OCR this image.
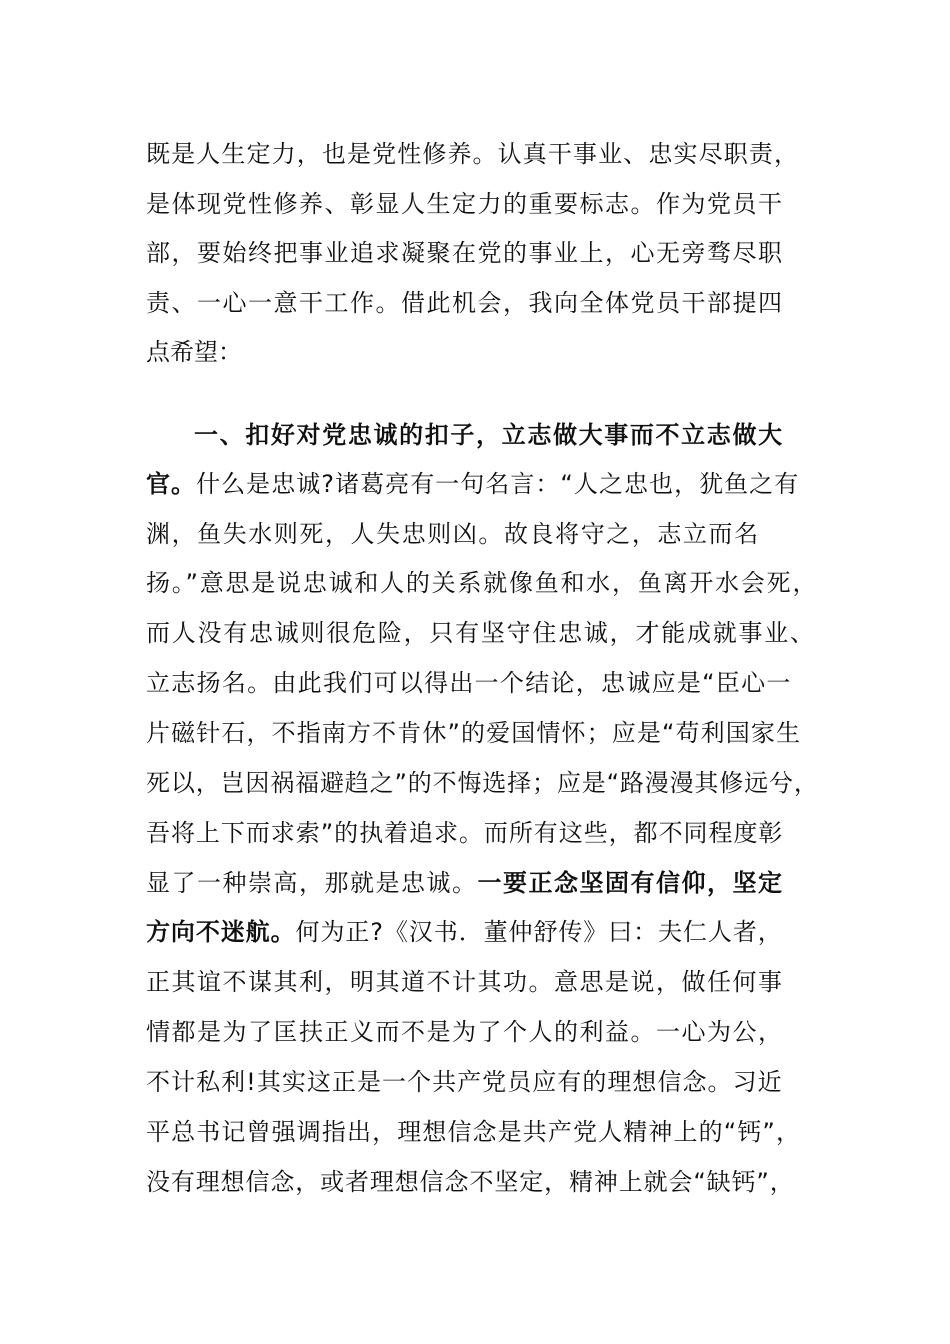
既是人生定力，也是党性修养。认真干事业、忠实尽职责，
是体现党性修养、彰显人生定力的重要标志。作为党员干
部，要始终把事业追求凝聚在党的事业上，心无旁骛尽职
责、一心一意干工作。借此机会，我向全体党员干部提四
点希望：
一、扣好对党忠诚的扣子，立志做大事而不立志做大
官。什么是忠诚?诸葛亮有一句名言：“人之忠也，犹鱼之有
渊，鱼失水则死，人失忠则凶。故良将守之，志立而名
扬。”意思是说忠诚和人的关系就像鱼和水，鱼离开水会死，
而人没有忠诚则很危险，只有坚守住忠诚，才能成就事业、
立志扬名。由此我们可以得出一个结论，忠诚应是“臣心一
片磁针石，不指南方不肯休”的爱国情怀；应是“苟利国家生
死以，岂因祸福避趋之”的不悔选择；应是“路漫漫其修远兮，
吾将上下而求索”的执着追求。而所有这些，都不同程度彰
显了一种崇高，那就是忠诚。一要正念坚固有信仰，坚定
方向不迷航。何为正?《汉书．董仲舒传》曰：夫仁人者，
正其谊不谋其利，明其道不计其功。意思是说，做任何事
情都是为了匡扶正义而不是为了个人的利益。一心为公，
不计私利!其实这正是一个共产党员应有的理想信念。习近
平总书记曾强调指出，理想信念是共产党人精神上的“钙”，
没有理想信念，或者理想信念不坚定，精神上就会“缺钙”，
